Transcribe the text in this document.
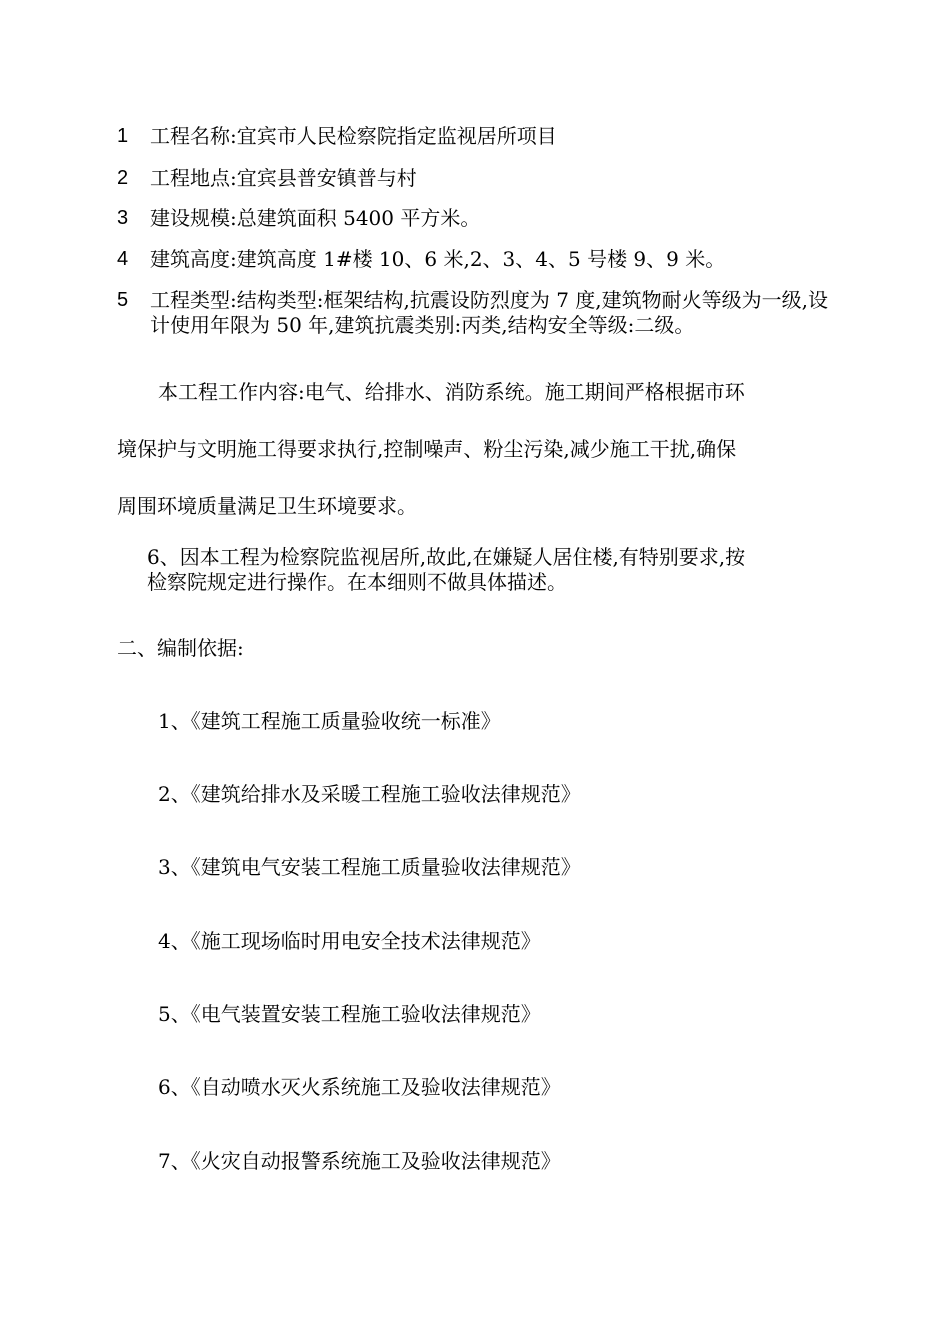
1 工程名称:宜宾市人民检察院指定监视居所项目
2 工程地点:宜宾县普安镇普与村
3 建设规模:总建筑面积 5400 平方米。
4 建筑高度:建筑高度 1#楼 10、6 米,2、3、4、5 号楼 9、9 米。
5 工程类型:结构类型:框架结构,抗震设防烈度为 7 度,建筑物耐火等级为一级,设计使用年限为 50 年,建筑抗震类别:丙类,结构安全等级:二级。
本工程工作内容:电气、给排水、消防系统。施工期间严格根据市环
境保护与文明施工得要求执行,控制噪声、粉尘污染,减少施工干扰,确保
周围环境质量满足卫生环境要求。
6、因本工程为检察院监视居所,故此,在嫌疑人居住楼,有特别要求,按
检察院规定进行操作。在本细则不做具体描述。
二、编制依据:
1、《建筑工程施工质量验收统一标准》
2、《建筑给排水及采暖工程施工验收法律规范》
3、《建筑电气安装工程施工质量验收法律规范》
4、《施工现场临时用电安全技术法律规范》
5、《电气装置安装工程施工验收法律规范》
6、《自动喷水灭火系统施工及验收法律规范》
7、《火灾自动报警系统施工及验收法律规范》
